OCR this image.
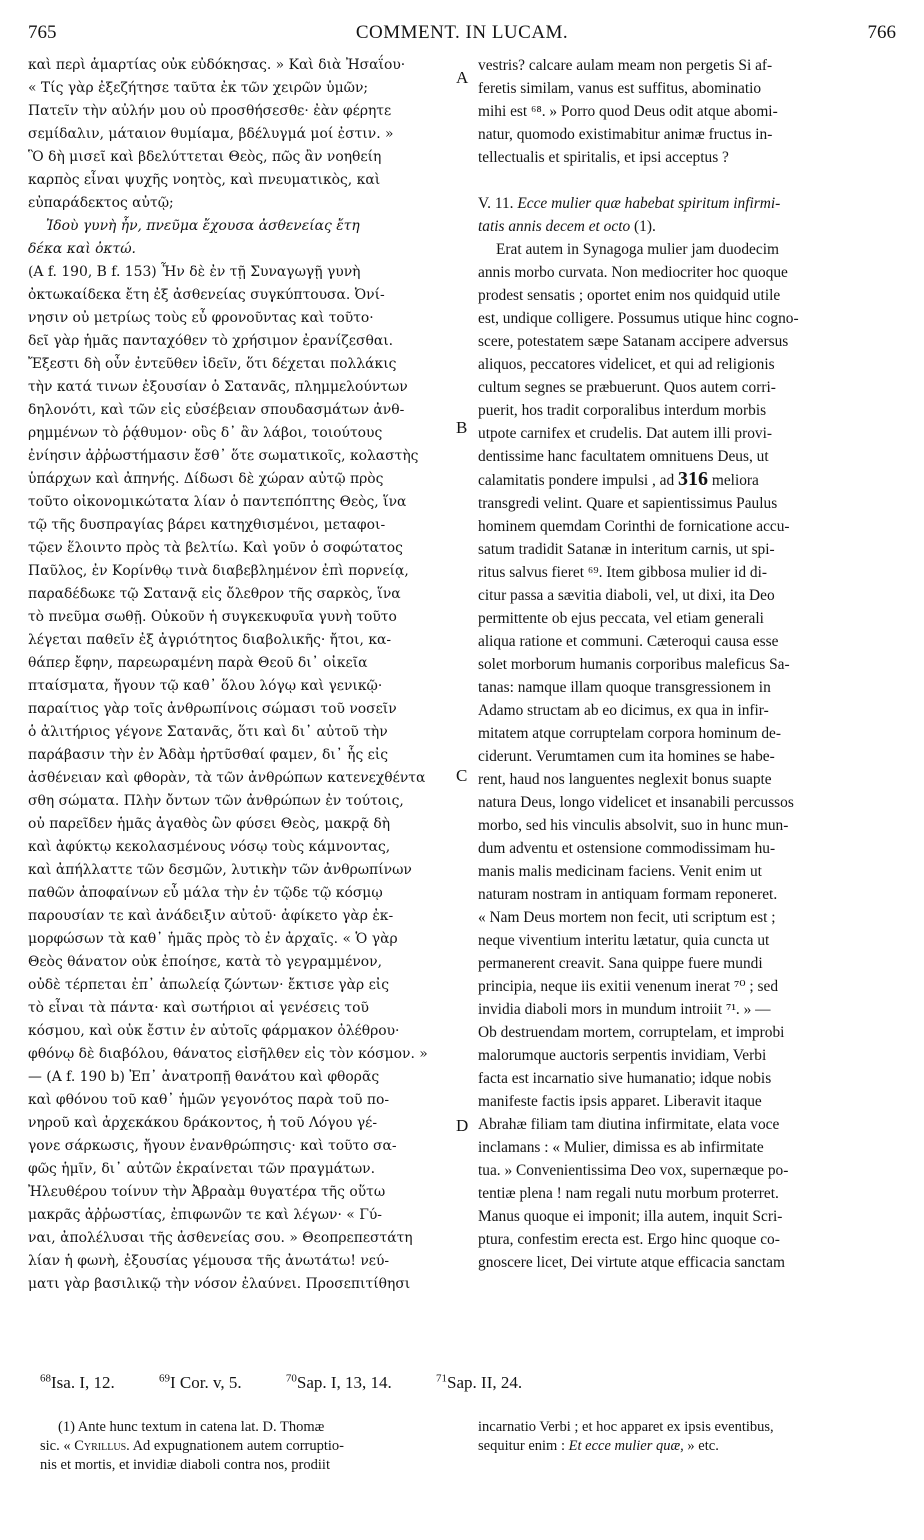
765	COMMENT. IN LUCAM.	766
καὶ περὶ ἁμαρτίας οὐκ εὐδόκησας. » Καὶ διὰ Ἠσαΐου·
« Τίς γὰρ ἐξεζήτησε ταῦτα ἐκ τῶν χειρῶν ὑμῶν;
Πατεῖν τὴν αὐλήν μου οὐ προσθήσεσθε· ἐὰν φέρητε
σεμίδαλιν, μάταιον θυμίαμα, βδέλυγμά μοί ἐστιν. »
Ὃ δὴ μισεῖ καὶ βδελύττεται Θεὸς, πῶς ἂν νοηθείη
καρπὸς εἶναι ψυχῆς νοητὸς, καὶ πνευματικὸς, καὶ
εὐπαράδεκτος αὐτῷ;
Ἰδοὺ γυνὴ ἦν, πνεῦμα ἔχουσα ἀσθενείας ἔτη
δέκα καὶ ὀκτώ.
(A f. 190, B f. 153) Ἦν δὲ ἐν τῇ Συναγωγῇ γυνὴ
ὀκτωκαίδεκα ἔτη ἐξ ἀσθενείας συγκύπτουσα. Ὀνί-
νησιν οὐ μετρίως τοὺς εὖ φρονοῦντας καὶ τοῦτο·
δεῖ γὰρ ἡμᾶς πανταχόθεν τὸ χρήσιμον ἐρανίζεσθαι.
Ἔξεστι δὴ οὖν ἐντεῦθεν ἰδεῖν, ὅτι δέχεται πολλάκις
τὴν κατά τινων ἐξουσίαν ὁ Σατανᾶς, πλημμελούντων
δηλονότι, καὶ τῶν εἰς εὐσέβειαν σπουδασμάτων ἀνθ-
ρημμένων τὸ ῥᾴθυμον· οὓς δ᾽ ἂν λάβοι, τοιούτους
ἐνίησιν ἀῤῥωστήμασιν ἔσθ᾽ ὅτε σωματικοῖς, κολαστὴς
ὑπάρχων καὶ ἀπηνής. Δίδωσι δὲ χώραν αὐτῷ πρὸς
τοῦτο οἰκονομικώτατα λίαν ὁ παντεπόπτης Θεὸς, ἵνα
τῷ τῆς δυσπραγίας βάρει κατηχθισμένοι, μεταφοι-
τῷεν ἕλοιντο πρὸς τὰ βελτίω. Καὶ γοῦν ὁ σοφώτατος
Παῦλος, ἐν Κορίνθῳ τινὰ διαβεβλημένον ἐπὶ πορνείᾳ,
παραδέδωκε τῷ Σατανᾷ εἰς ὄλεθρον τῆς σαρκὸς, ἵνα
τὸ πνεῦμα σωθῇ. Οὐκοῦν ἡ συγκεκυφυῖα γυνὴ τοῦτο
λέγεται παθεῖν ἐξ ἀγριότητος διαβολικῆς· ἤτοι, κα-
θάπερ ἔφην, παρεωραμένη παρὰ Θεοῦ δι᾽ οἰκεῖα
πταίσματα, ἤγουν τῷ καθ᾽ ὅλου λόγῳ καὶ γενικῷ·
παραίτιος γὰρ τοῖς ἀνθρωπίνοις σώμασι τοῦ νοσεῖν
ὁ ἀλιτήριος γέγονε Σατανᾶς, ὅτι καὶ δι᾽ αὐτοῦ τὴν
παράβασιν τὴν ἐν Ἀδὰμ ἠρτῦσθαί φαμεν, δι᾽ ἧς εἰς
ἀσθένειαν καὶ φθορὰν, τὰ τῶν ἀνθρώπων κατενεχθέντα
σθη σώματα. Πλὴν ὄντων τῶν ἀνθρώπων ἐν τούτοις,
οὐ παρεῖδεν ἡμᾶς ἀγαθὸς ὢν φύσει Θεὸς, μακρᾷ δὴ
καὶ ἀφύκτῳ κεκολασμένους νόσῳ τοὺς κάμνοντας,
καὶ ἀπήλλαττε τῶν δεσμῶν, λυτικὴν τῶν ἀνθρωπίνων
παθῶν ἀποφαίνων εὖ μάλα τὴν ἐν τῷδε τῷ κόσμῳ
παρουσίαν τε καὶ ἀνάδειξιν αὐτοῦ· ἀφίκετο γὰρ ἐκ-
μορφώσων τὰ καθ᾽ ἡμᾶς πρὸς τὸ ἐν ἀρχαῖς. « Ὁ γὰρ
Θεὸς θάνατον οὐκ ἐποίησε, κατὰ τὸ γεγραμμένον,
οὐδὲ τέρπεται ἐπ᾽ ἀπωλείᾳ ζώντων· ἔκτισε γὰρ εἰς
τὸ εἶναι τὰ πάντα· καὶ σωτήριοι αἱ γενέσεις τοῦ
κόσμου, καὶ οὐκ ἔστιν ἐν αὐτοῖς φάρμακον ὀλέθρου·
φθόνῳ δὲ διαβόλου, θάνατος εἰσῆλθεν εἰς τὸν κόσμον. »
— (A f. 190 b) Ἐπ᾽ ἀνατροπῇ θανάτου καὶ φθορᾶς
καὶ φθόνου τοῦ καθ᾽ ἡμῶν γεγονότος παρὰ τοῦ πο-
νηροῦ καὶ ἀρχεκάκου δράκοντος, ἡ τοῦ Λόγου γέ-
γονε σάρκωσις, ἤγουν ἐνανθρώπησις· καὶ τοῦτο σα-
φῶς ἡμῖν, δι᾽ αὐτῶν ἐκραίνεται τῶν πραγμάτων.
Ἠλευθέρου τοίνυν τὴν Ἀβραὰμ θυγατέρα τῆς οὕτω
μακρᾶς ἀῤῥωστίας, ἐπιφωνῶν τε καὶ λέγων· « Γύ-
ναι, ἀπολέλυσαι τῆς ἀσθενείας σου. » Θεοπρεπεστάτη
λίαν ἡ φωνὴ, ἐξουσίας γέμουσα τῆς ἀνωτάτω! νεύ-
ματι γὰρ βασιλικῷ τὴν νόσον ἐλαύνει. Προσεπιτίθησι
vestris? calcare aulam meam non pergetis Si af-
feretis similam, vanus est suffitus, abominatio
mihi est ⁶⁸. » Porro quod Deus odit atque abomi-
natur, quomodo existimabitur animæ fructus in-
tellectualis et spiritalis, et ipsi acceptus ?
V. 11. Ecce mulier quæ habebat spiritum infirmi-
tatis annis decem et octo (1).
Erat autem in Synagoga mulier jam duodecim
annis morbo curvata. Non mediocriter hoc quoque
prodest sensatis ; oportet enim nos quidquid utile
est, undique colligere. Possumus utique hinc cogno-
scere, potestatem sæpe Satanam accipere adversus
aliquos, peccatores videlicet, et qui ad religionis
cultum segnes se præbuerunt. Quos autem corri-
puerit, hos tradit corporalibus interdum morbis
utpote carnifex et crudelis. Dat autem illi provi-
dentissime hanc facultatem omnituens Deus, ut
calamitatis pondere impulsi , ad 316 meliora
transgredi velint. Quare et sapientissimus Paulus
hominem quemdam Corinthi de fornicatione accu-
satum tradidit Satanæ in interitum carnis, ut spi-
ritus salvus fieret ⁶⁹. Item gibbosa mulier id di-
citur passa a sævitia diaboli, vel, ut dixi, ita Deo
permittente ob ejus peccata, vel etiam generali
aliqua ratione et communi. Cæteroqui causa esse
solet morborum humanis corporibus maleficus Sa-
tanas: namque illam quoque transgressionem in
Adamo structam ab eo dicimus, ex qua in infir-
mitatem atque corruptelam corpora hominum de-
ciderunt. Verumtamen cum ita homines se habe-
rent, haud nos languentes neglexit bonus suapte
natura Deus, longo videlicet et insanabili percussos
morbo, sed his vinculis absolvit, suo in hunc mun-
dum adventu et ostensione commodissimam hu-
manis malis medicinam faciens. Venit enim ut
naturam nostram in antiquam formam reponeret.
« Nam Deus mortem non fecit, uti scriptum est ;
neque viventium interitu lætatur, quia cuncta ut
permanerent creavit. Sana quippe fuere mundi
principia, neque iis exitii venenum inerat ⁷⁰ ; sed
invidia diaboli mors in mundum introiit ⁷¹. » —
Ob destruendam mortem, corruptelam, et improbi
malorumque auctoris serpentis invidiam, Verbi
facta est incarnatio sive humanatio; idque nobis
manifeste factis ipsis apparet. Liberavit itaque
Abrahæ filiam tam diutina infirmitate, elata voce
inclamans : « Mulier, dimissa es ab infirmitate
tua. » Convenientissima Deo vox, supernæque po-
tentiæ plena ! nam regali nutu morbum proterret.
Manus quoque ei imponit; illa autem, inquit Scri-
ptura, confestim erecta est. Ergo hinc quoque co-
gnoscere licet, Dei virtute atque efficacia sanctam
A
B
C
D
$^{68}$Isa. I, 12.	$^{69}$I Cor. v, 5.	$^{70}$Sap. I, 13, 14.	$^{71}$Sap. II, 24.
(1) Ante hunc textum in catena lat. D. Thomæ
sic. « Cyrillus. Ad expugnationem autem corruptio-
nis et mortis, et invidiæ diaboli contra nos, prodiit
incarnatio Verbi ; et hoc apparet ex ipsis eventibus,
sequitur enim : Et ecce mulier quæ, » etc.
